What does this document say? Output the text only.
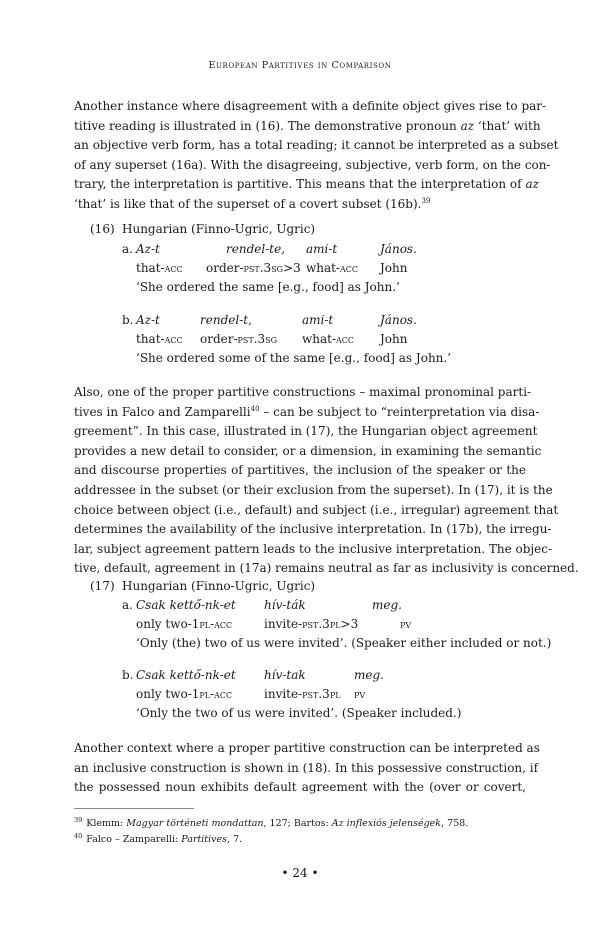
European Partitives in Comparison
Another instance where disagreement with a definite object gives rise to par-
titive reading is illustrated in (16). The demonstrative pronoun az ‘that’ with
an objective verb form, has a total reading; it cannot be interpreted as a subset
of any superset (16a). With the disagreeing, subjective, verb form, on the con-
trary, the interpretation is partitive. This means that the interpretation of az
‘that’ is like that of the superset of a covert subset (16b).$^{39}$
(16) Hungarian (Finno-Ugric, Ugric)
a. Az-t	rendel-te, ami-t	János.
that-acc order-pst.3sg>3 what-acc John
‘She ordered the same [e.g., food] as John.’
b. Az-t	rendel-t,	ami-t	János.
that-acc order-pst.3sg what-acc John
‘She ordered some of the same [e.g., food] as John.’
Also, one of the proper partitive constructions – maximal pronominal parti-
tives in Falco and Zamparelli$^{40}$ – can be subject to “reinterpretation via disa-
greement”. In this case, illustrated in (17), the Hungarian object agreement
provides a new detail to consider, or a dimension, in examining the semantic
and discourse properties of partitives, the inclusion of the speaker or the
addressee in the subset (or their exclusion from the superset). In (17), it is the
choice between object (i.e., default) and subject (i.e., irregular) agreement that
determines the availability of the inclusive interpretation. In (17b), the irregu-
lar, subject agreement pattern leads to the inclusive interpretation. The objec-
tive, default, agreement in (17a) remains neutral as far as inclusivity is concerned.
(17) Hungarian (Finno-Ugric, Ugric)
a. Csak kettő-nk-et hív-ták	meg.
only two-1pl-acc	invite-pst.3pl>3	pv
‘Only (the) two of us were invited’. (Speaker either included or not.)
b. Csak kettő-nk-et hív-tak	meg.
only two-1pl-acc	invite-pst.3pl pv
‘Only the two of us were invited’. (Speaker included.)
Another context where a proper partitive construction can be interpreted as
an inclusive construction is shown in (18). In this possessive construction, if
the possessed noun exhibits default agreement with the (over or covert,
$^{39}$ Klemm: Magyar történeti mondattan, 127; Bartos: Az inflexiós jelenségek, 758.
$^{40}$ Falco – Zamparelli: Partitives, 7.
• 24 •
